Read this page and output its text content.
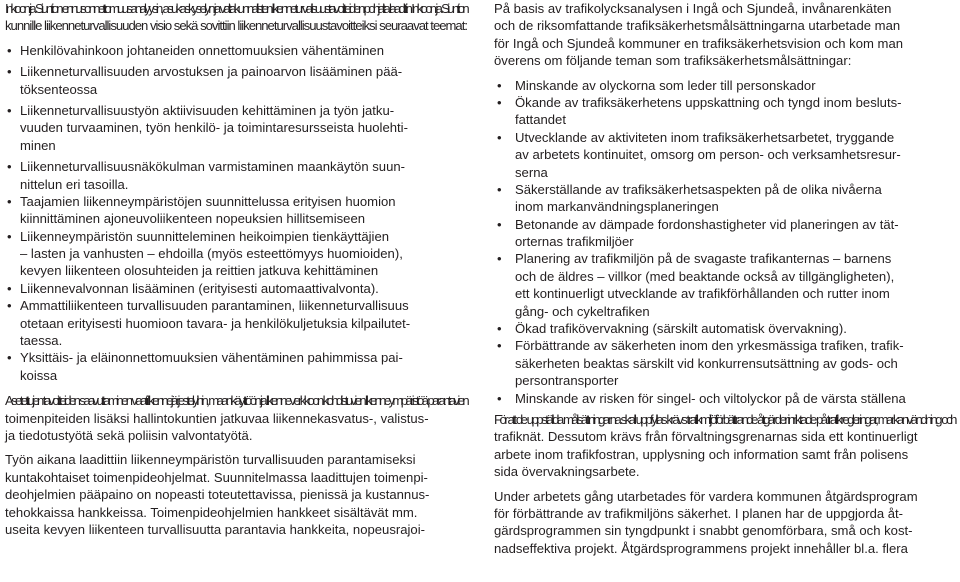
Inkoon ja Siuntion ennusonnettomuusanalyysin, asukaskyselyn ja valtakunnallisten liikenneturvallisuustavoitteiden pohjalta laadittiin Inkoon ja Siuntion
kunnille liikenneturvallisuuden visio sekä sovittiin liikenneturvallisuustavoitteiksi seuraavat teemat:
• Henkilövahinkoon johtaneiden onnettomuuksien vähentäminen
• Liikenneturvallisuuden arvostuksen ja painoarvon lisääminen pää-
töksenteossa
• Liikenneturvallisuustyön aktiivisuuden kehittäminen ja työn jatku-
vuuden turvaaminen, työn henkilö- ja toimintaresursseista huolehti-
minen
• Liikenneturvallisuusnäkökulman varmistaminen maankäytön suun-
nittelun eri tasoilla.
• Taajamien liikenneympäristöjen suunnittelussa erityisen huomion
kiinnittäminen ajoneuvoliikenteen nopeuksien hillitsemiseen
• Liikenneympäristön suunnitteleminen heikoimpien tienkäyttäjien
– lasten ja vanhusten – ehdoilla (myös esteettömyys huomioiden),
kevyen liikenteen olosuhteiden ja reittien jatkuva kehittäminen
• Liikennevalvonnan lisääminen (erityisesti automaattivalvonta).
• Ammattiliikenteen turvallisuuden parantaminen, liikenneturvallisuus
otetaan erityisesti huomioon tavara- ja henkilökuljetuksia kilpailutet-
taessa.
• Yksittäis- ja eläinonnettomuuksien vähentäminen pahimmissa pai-
koissa
Asetettujen tavoitteiden saavuttaminen vaatii liikennejärjestelyihin, maankäyttöön ja liikenneverkkoon kohdistuvien liikenneympäristöä parantavien
toimenpiteiden lisäksi hallintokuntien jatkuvaa liikennekasvatus-, valistus-
ja tiedotustyötä sekä poliisin valvontatyötä.
Työn aikana laadittiin liikenneympäristön turvallisuuden parantamiseksi
kuntakohtaiset toimenpideohjelmat. Suunnitelmassa laadittujen toimenpi-
deohjelmien pääpaino on nopeasti toteutettavissa, pienissä ja kustannus-
tehokkaissa hankkeissa. Toimenpideohjelmien hankkeet sisältävät mm.
useita kevyen liikenteen turvallisuutta parantavia hankkeita, nopeusrajoi-
På basis av trafikolycksanalysen i Ingå och Sjundeå, invånarenkäten
och de riksomfattande trafiksäkerhetsmålsättningarna utarbetade man
för Ingå och Sjundeå kommuner en trafiksäkerhetsvision och kom man
överens om följande teman som trafiksäkerhetsmålsättningar:
• Minskande av olyckorna som leder till personskador
• Ökande av trafiksäkerhetens uppskattning och tyngd inom besluts-
fattandet
• Utvecklande av aktiviteten inom trafiksäkerhetsarbetet, tryggande
av arbetets kontinuitet, omsorg om person- och verksamhetsresur-
serna
• Säkerställande av trafiksäkerhetsaspekten på de olika nivåerna
inom markanvändningsplaneringen
• Betonande av dämpade fordonshastigheter vid planeringen av tät-
orternas trafikmiljöer
• Planering av trafikmiljön på de svagaste trafikanternas – barnens
och de äldres – villkor (med beaktande också av tillgängligheten),
ett kontinuerligt utvecklande av trafikförhållanden och rutter inom
gång- och cykeltrafiken
• Ökad trafikövervakning (särskilt automatisk övervakning).
• Förbättrande av säkerheten inom den yrkesmässiga trafiken, trafik-
säkerheten beaktas särskilt vid konkurrensutsättning av gods- och
persontransporter
• Minskande av risken för singel- och viltolyckor på de värsta ställena
För att de uppställda målsättningarna skall uppfyllas krävs trafikmiljöförbättrande åtgärder inriktade på trafikregleringar, markanvändning och
trafiknät. Dessutom krävs från förvaltningsgrenarnas sida ett kontinuerligt
arbete inom trafikfostran, upplysning och information samt från polisens
sida övervakningsarbete.
Under arbetets gång utarbetades för vardera kommunen åtgärdsprogram
för förbättrande av trafikmiljöns säkerhet. I planen har de uppgjorda åt-
gärdsprogrammen sin tyngdpunkt i snabbt genomförbara, små och kost-
nadseffektiva projekt. Åtgärdsprogrammens projekt innehåller bl.a. flera
